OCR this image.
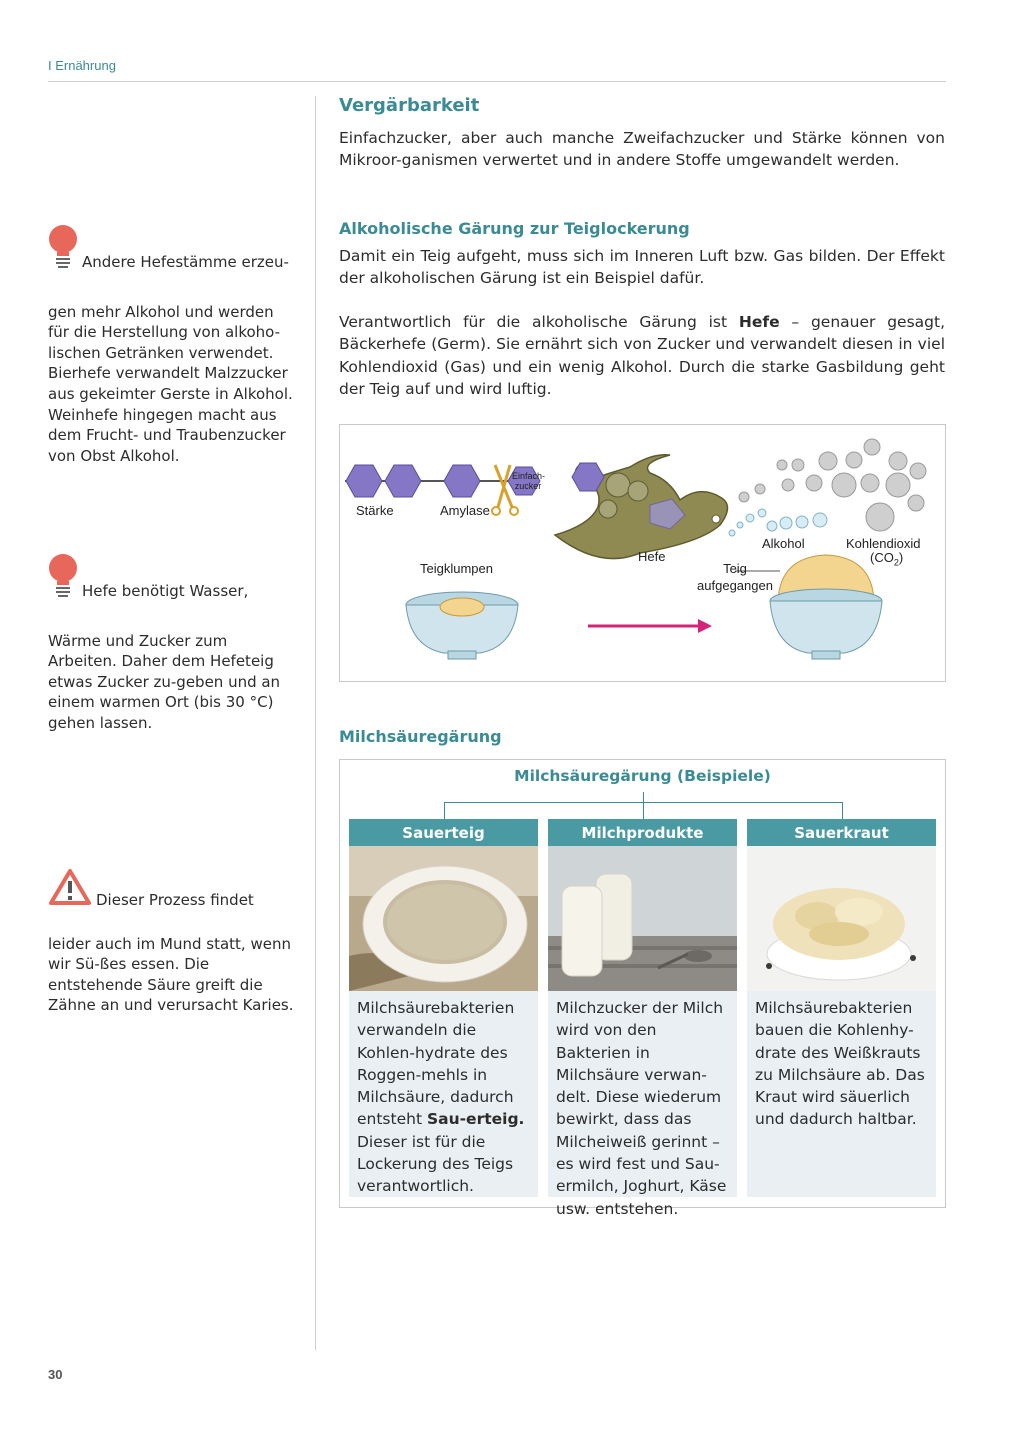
I Ernährung
Andere Hefestämme erzeu-gen mehr Alkohol und werden für die Herstellung von alkoho-lischen Getränken verwendet. Bierhefe verwandelt Malzzucker aus gekeimter Gerste in Alkohol. Weinhefe hingegen macht aus dem Frucht- und Traubenzucker von Obst Alkohol.
Hefe benötigt Wasser, Wärme und Zucker zum Arbeiten. Daher dem Hefeteig etwas Zucker zu-geben und an einem warmen Ort (bis 30 °C) gehen lassen.
Dieser Prozess findet leider auch im Mund statt, wenn wir Sü-ßes essen. Die entstehende Säure greift die Zähne an und verursacht Karies.
Vergärbarkeit
Einfachzucker, aber auch manche Zweifachzucker und Stärke können von Mikroor-ganismen verwertet und in andere Stoffe umgewandelt werden.
Alkoholische Gärung zur Teiglockerung
Damit ein Teig aufgeht, muss sich im Inneren Luft bzw. Gas bilden. Der Effekt der alkoholischen Gärung ist ein Beispiel dafür.
Verantwortlich für die alkoholische Gärung ist Hefe – genauer gesagt, Bäckerhefe (Germ). Sie ernährt sich von Zucker und verwandelt diesen in viel Kohlendioxid (Gas) und ein wenig Alkohol. Durch die starke Gasbildung geht der Teig auf und wird luftig.
Stärke	Amylase
Einfach-
zucker
Hefe
Alkohol	Kohlendioxid
$(CO_2)$
Teigklumpen	Teig
aufgegangen
Milchsäuregärung
Milchsäuregärung (Beispiele)
Sauerteig
Milchsäurebakterien verwandeln die Kohlen-hydrate des Roggen-mehls in Milchsäure, dadurch entsteht Sau-erteig. Dieser ist für die Lockerung des Teigs verantwortlich.
Milchprodukte
Milchzucker der Milch wird von den Bakterien in Milchsäure verwan-delt. Diese wiederum bewirkt, dass das Milcheiweiß gerinnt – es wird fest und Sau-ermilch, Joghurt, Käse usw. entstehen.
Sauerkraut
Milchsäurebakterien bauen die Kohlenhy-drate des Weißkrauts zu Milchsäure ab. Das Kraut wird säuerlich und dadurch haltbar.
30
